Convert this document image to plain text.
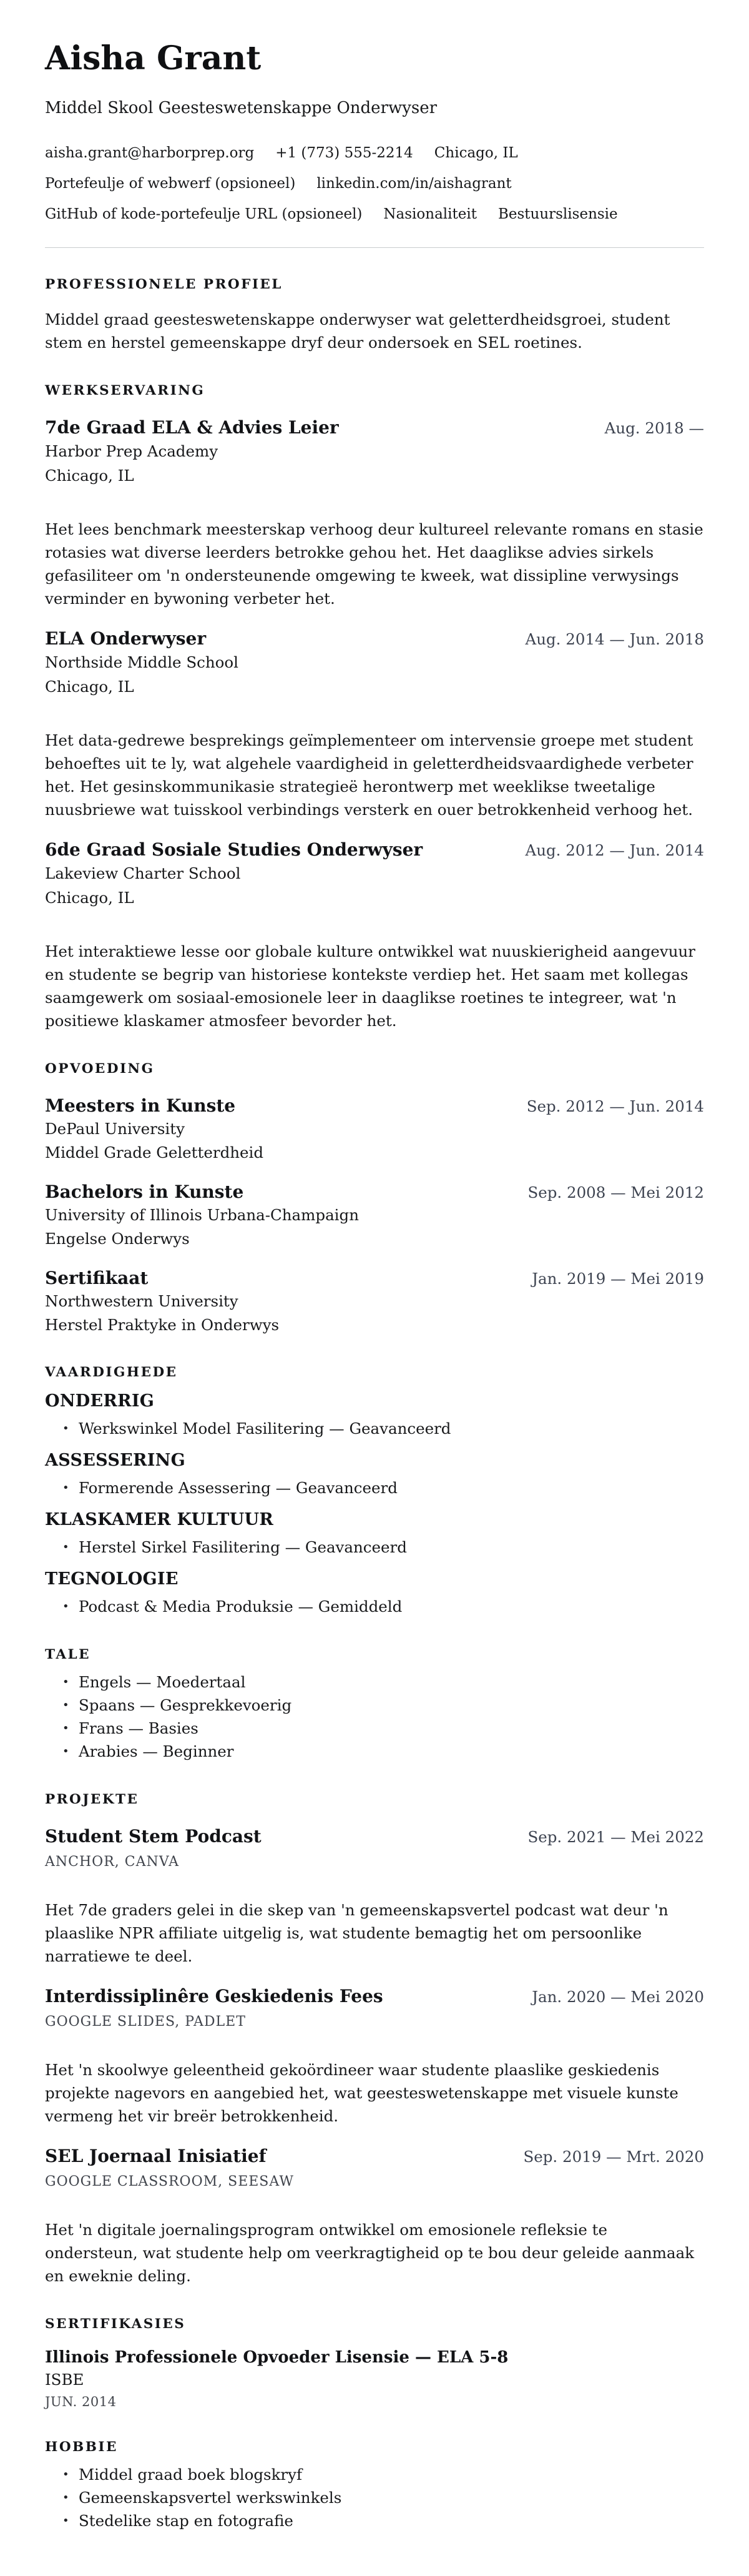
Aisha Grant
Middel Skool Geesteswetenskappe Onderwyser
aisha.grant@harborprep.org +1 (773) 555-2214 Chicago, IL
Portefeulje of webwerf (opsioneel) linkedin.com/in/aishagrant
GitHub of kode-portefeulje URL (opsioneel) Nasionaliteit Bestuurslisensie
PROFESSIONELE PROFIEL

Middel graad geesteswetenskappe onderwyser wat geletterdheidsgroei, student stem en herstel gemeenskappe dryf deur ondersoek en SEL roetines.

WERKSERVARING
7de Graad ELA & Advies Leier	Aug. 2018 —
Harbor Prep Academy
Chicago, IL

Het lees benchmark meesterskap verhoog deur kultureel relevante romans en stasie rotasies wat diverse leerders betrokke gehou het. Het daaglikse advies sirkels gefasiliteer om 'n ondersteunende omgewing te kweek, wat dissipline verwysings verminder en bywoning verbeter het.

ELA Onderwyser	Aug. 2014 — Jun. 2018
Northside Middle School
Chicago, IL

Het data-gedrewe besprekings geïmplementeer om intervensie groepe met student behoeftes uit te ly, wat algehele vaardigheid in geletterdheidsvaardighede verbeter het. Het gesinskommunikasie strategieë herontwerp met weeklikse tweetalige nuusbriewe wat tuisskool verbindings versterk en ouer betrokkenheid verhoog het.

6de Graad Sosiale Studies Onderwyser	Aug. 2012 — Jun. 2014
Lakeview Charter School
Chicago, IL

Het interaktiewe lesse oor globale kulture ontwikkel wat nuuskierigheid aangevuur en studente se begrip van historiese kontekste verdiep het. Het saam met kollegas saamgewerk om sosiaal-emosionele leer in daaglikse roetines te integreer, wat 'n positiewe klaskamer atmosfeer bevorder het.

OPVOEDING
Meesters in Kunste	Sep. 2012 — Jun. 2014
DePaul University
Middel Grade Geletterdheid
Bachelors in Kunste	Sep. 2008 — Mei 2012
University of Illinois Urbana-Champaign
Engelse Onderwys
Sertifikaat	Jan. 2019 — Mei 2019
Northwestern University
Herstel Praktyke in Onderwys
VAARDIGHEDE
ONDERRIG
• Werkswinkel Model Fasilitering — Geavanceerd
ASSESSERING
• Formerende Assessering — Geavanceerd
KLASKAMER KULTUUR
• Herstel Sirkel Fasilitering — Geavanceerd
TEGNOLOGIE
• Podcast & Media Produksie — Gemiddeld
TALE
• Engels — Moedertaal
• Spaans — Gesprekkevoerig
• Frans — Basies
• Arabies — Beginner
PROJEKTE
Student Stem Podcast	Sep. 2021 — Mei 2022
ANCHOR, CANVA

Het 7de graders gelei in die skep van 'n gemeenskapsvertel podcast wat deur 'n plaaslike NPR affiliate uitgelig is, wat studente bemagtig het om persoonlike narratiewe te deel.

Interdissiplinêre Geskiedenis Fees	Jan. 2020 — Mei 2020
GOOGLE SLIDES, PADLET

Het 'n skoolwye geleentheid gekoördineer waar studente plaaslike geskiedenis projekte nagevors en aangebied het, wat geesteswetenskappe met visuele kunste vermeng het vir breër betrokkenheid.

SEL Joernaal Inisiatief	Sep. 2019 — Mrt. 2020
GOOGLE CLASSROOM, SEESAW

Het 'n digitale joernalingsprogram ontwikkel om emosionele refleksie te ondersteun, wat studente help om veerkragtigheid op te bou deur geleide aanmaak en eweknie deling.

SERTIFIKASIES
Illinois Professionele Opvoeder Lisensie — ELA 5-8
ISBE
JUN. 2014
HOBBIE
• Middel graad boek blogskryf
• Gemeenskapsvertel werkswinkels
• Stedelike stap en fotografie
